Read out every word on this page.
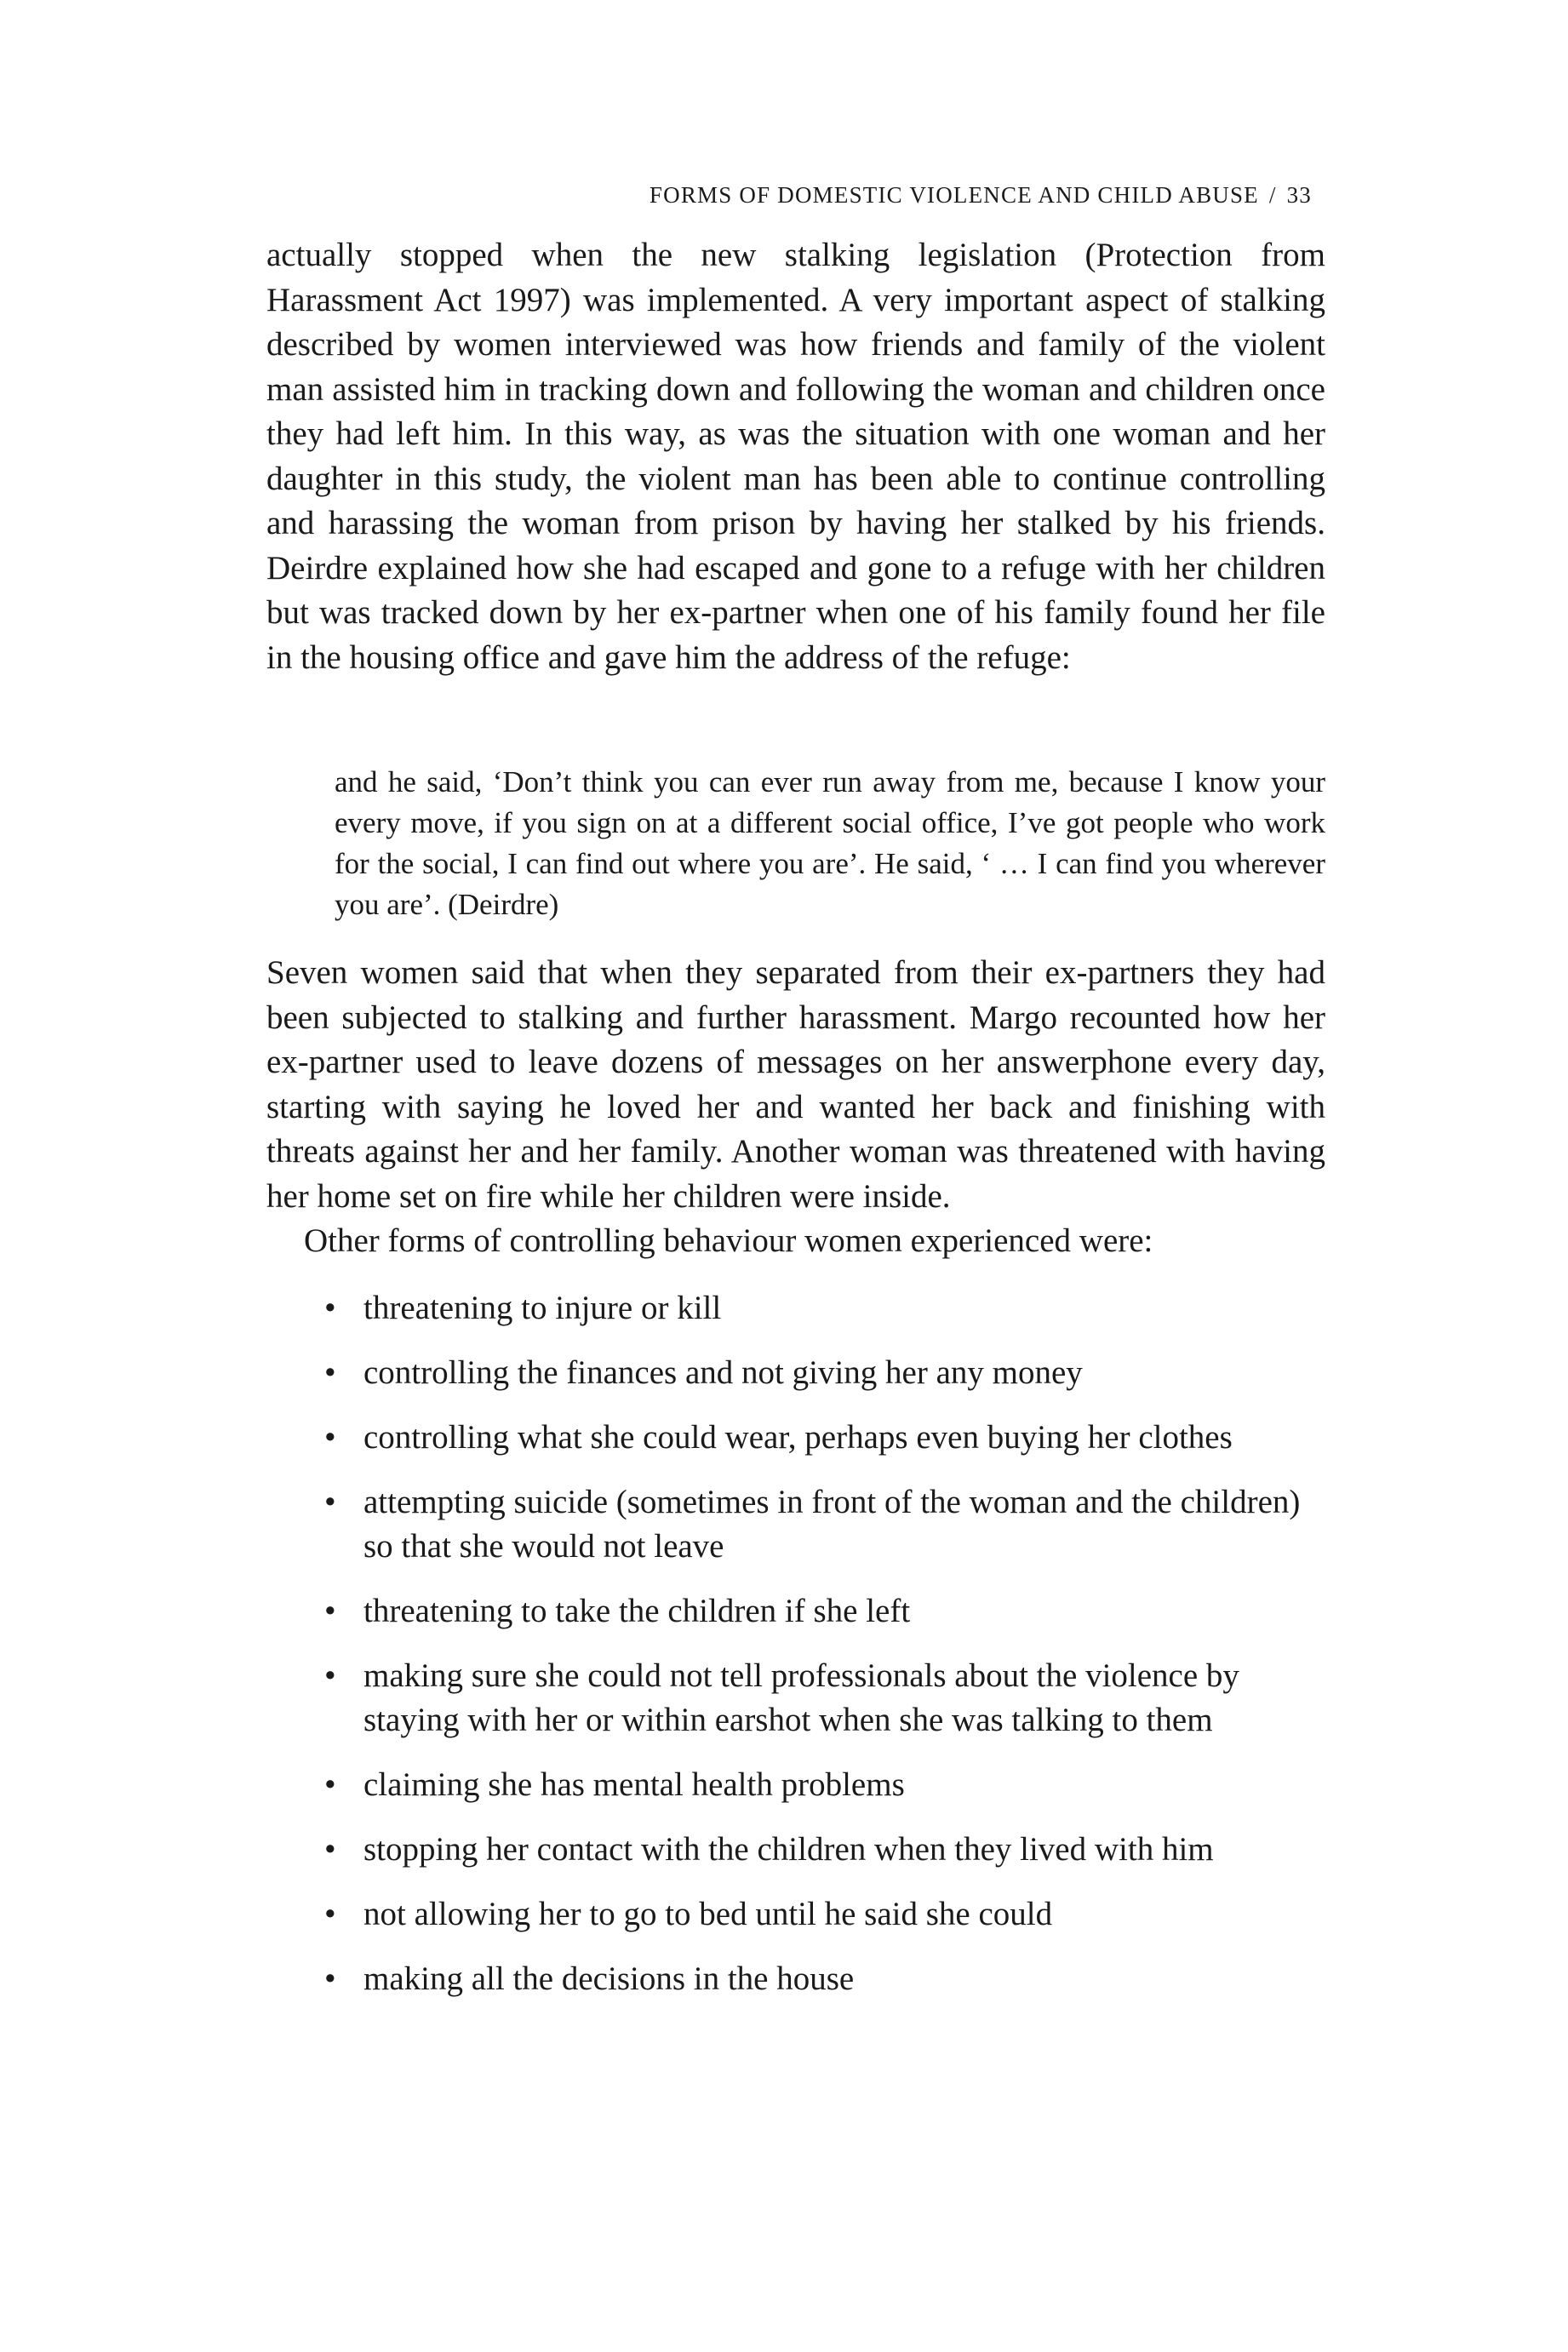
FORMS OF DOMESTIC VIOLENCE AND CHILD ABUSE / 33

actually stopped when the new stalking legislation (Protection from Harassment Act 1997) was implemented. A very important aspect of stalking described by women interviewed was how friends and family of the violent man assisted him in tracking down and following the woman and children once they had left him. In this way, as was the situation with one woman and her daughter in this study, the violent man has been able to continue controlling and harassing the woman from prison by having her stalked by his friends. Deirdre explained how she had escaped and gone to a refuge with her children but was tracked down by her ex-partner when one of his family found her file in the housing office and gave him the address of the refuge:

and he said, ‘Don’t think you can ever run away from me, because I know your every move, if you sign on at a different social office, I’ve got people who work for the social, I can find out where you are’. He said, ‘ … I can find you wherever you are’. (Deirdre)

Seven women said that when they separated from their ex-partners they had been subjected to stalking and further harassment. Margo recounted how her ex-partner used to leave dozens of messages on her answerphone every day, starting with saying he loved her and wanted her back and finishing with threats against her and her family. Another woman was threatened with having her home set on fire while her children were inside.

Other forms of controlling behaviour women experienced were:

• threatening to injure or kill
• controlling the finances and not giving her any money
• controlling what she could wear, perhaps even buying her clothes
• attempting suicide (sometimes in front of the woman and the children) so that she would not leave
• threatening to take the children if she left
• making sure she could not tell professionals about the violence by staying with her or within earshot when she was talking to them
• claiming she has mental health problems
• stopping her contact with the children when they lived with him
• not allowing her to go to bed until he said she could
• making all the decisions in the house
